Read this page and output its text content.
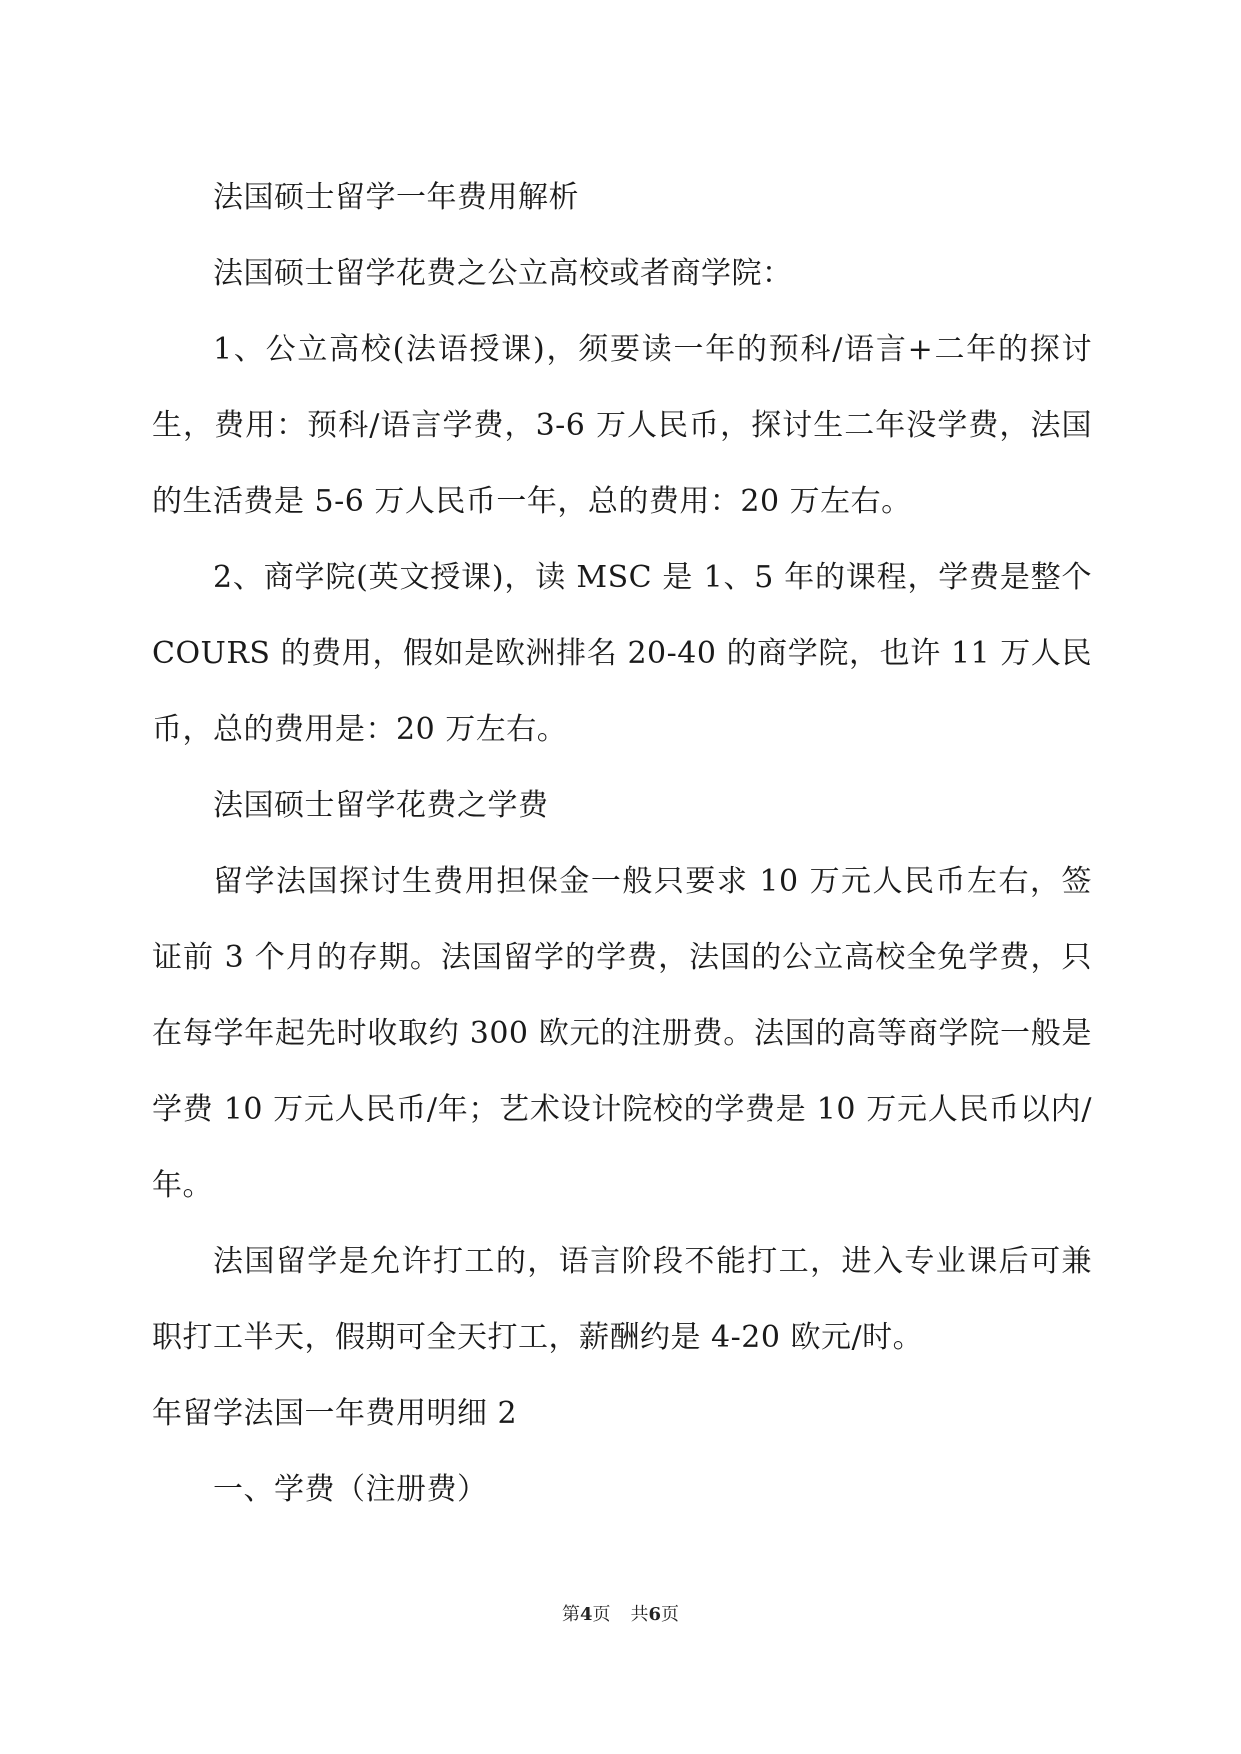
法国硕士留学一年费用解析

法国硕士留学花费之公立高校或者商学院：

1、公立高校(法语授课)，须要读一年的预科/语言+二年的探讨生，费用：预科/语言学费，3-6 万人民币，探讨生二年没学费，法国的生活费是 5-6 万人民币一年，总的费用：20 万左右。

2、商学院(英文授课)，读 MSC 是 1、5 年的课程，学费是整个 COURS 的费用，假如是欧洲排名 20-40 的商学院，也许 11 万人民币，总的费用是：20 万左右。

法国硕士留学花费之学费

留学法国探讨生费用担保金一般只要求 10 万元人民币左右，签证前 3 个月的存期。法国留学的学费，法国的公立高校全免学费，只在每学年起先时收取约 300 欧元的注册费。法国的高等商学院一般是学费 10 万元人民币/年；艺术设计院校的学费是 10 万元人民币以内/年。

法国留学是允许打工的，语言阶段不能打工，进入专业课后可兼职打工半天，假期可全天打工，薪酬约是 4-20 欧元/时。

年留学法国一年费用明细 2

一、学费（注册费）

第4页 共6页
